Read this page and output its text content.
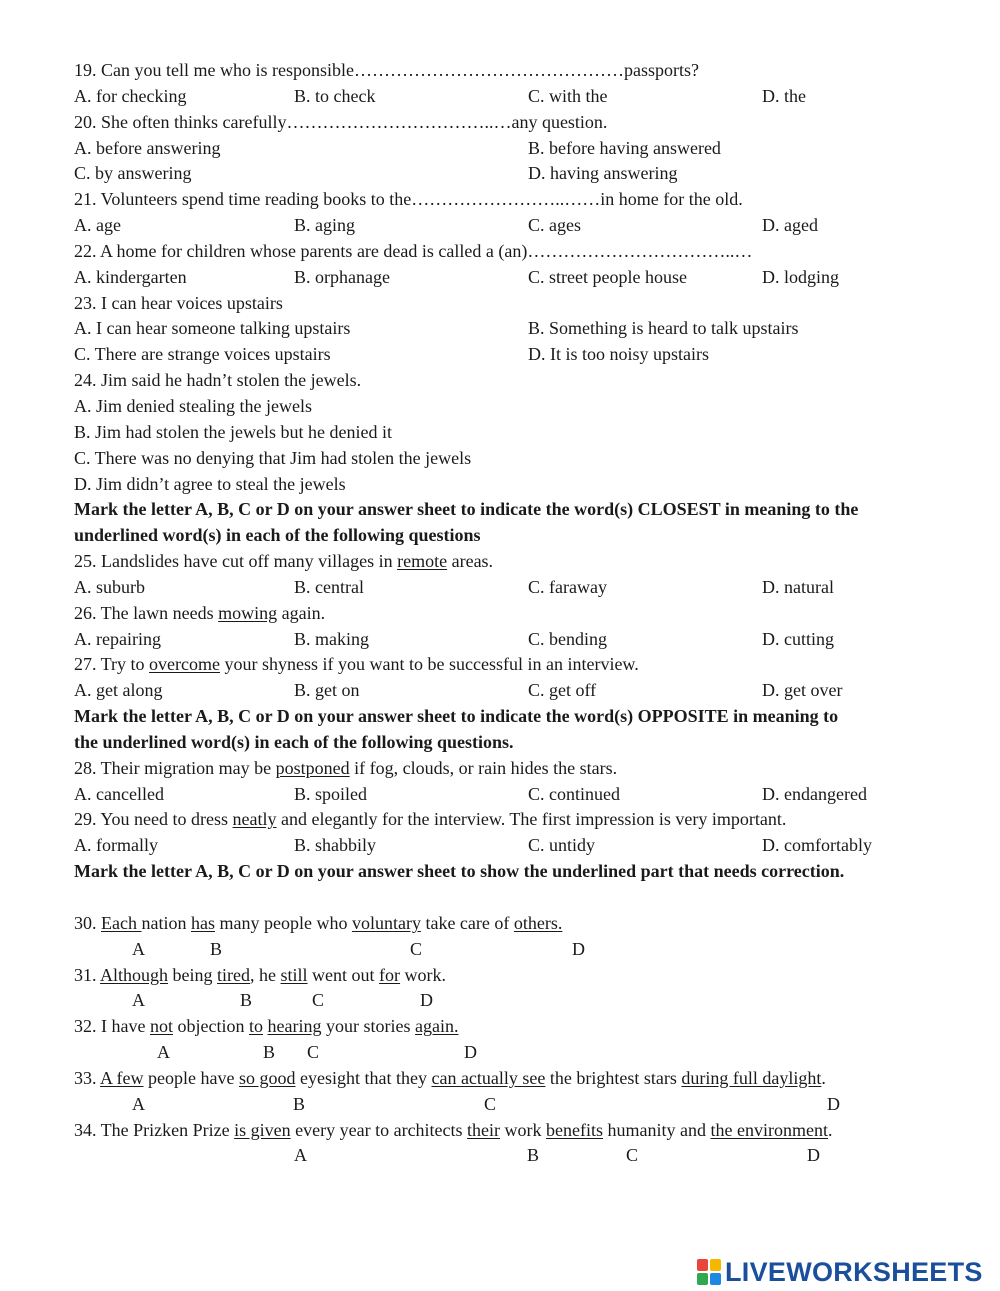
19. Can you tell me who is responsible………………………………………passports?
A. for checking	B. to check	C. with the	D. the
20. She often thinks carefully……………………………..…any question.
A. before answering	B. before having answered
C. by answering	D. having answering
21. Volunteers spend time reading books to the……………………..……in home for the old.
A. age	B. aging	C. ages	D. aged
22. A home for children whose parents are dead is called a (an)……………………………..…
A. kindergarten	B. orphanage	C. street people house	D. lodging
23. I can hear voices upstairs
A. I can hear someone talking upstairs	B. Something is heard to talk upstairs
C. There are strange voices upstairs	D. It is too noisy upstairs
24. Jim said he hadn’t stolen the jewels.
A. Jim denied stealing the jewels
B. Jim had stolen the jewels but he denied it
C. There was no denying that Jim had stolen the jewels
D. Jim didn’t agree to steal the jewels
Mark the letter A, B, C or D on your answer sheet to indicate the word(s) CLOSEST in meaning to the
underlined word(s) in each of the following questions
25. Landslides have cut off many villages in remote areas.
A. suburb	B. central	C. faraway	D. natural
26. The lawn needs mowing again.
A. repairing	B. making	C. bending	D. cutting
27. Try to overcome your shyness if you want to be successful in an interview.
A. get along	B. get on	C. get off	D. get over
Mark the letter A, B, C or D on your answer sheet to indicate the word(s) OPPOSITE in meaning to
the underlined word(s) in each of the following questions.
28. Their migration may be postponed if fog, clouds, or rain hides the stars.
A. cancelled	B. spoiled	C. continued	D. endangered
29. You need to dress neatly and elegantly for the interview. The first impression is very important.
A. formally	B. shabbily	C. untidy	D. comfortably
Mark the letter A, B, C or D on your answer sheet to show the underlined part that needs correction.
30. Each nation has many people who voluntary take care of others.
A	B	C	D
31. Although being tired, he still went out for work.
A	B	C	D
32. I have not objection to hearing your stories again.
A	B C	D
33. A few people have so good eyesight that they can actually see the brightest stars during full daylight.
A	B	C	D
34. The Prizken Prize is given every year to architects their work benefits humanity and the environment.
A	B	C	D
LIVEWORKSHEETS
